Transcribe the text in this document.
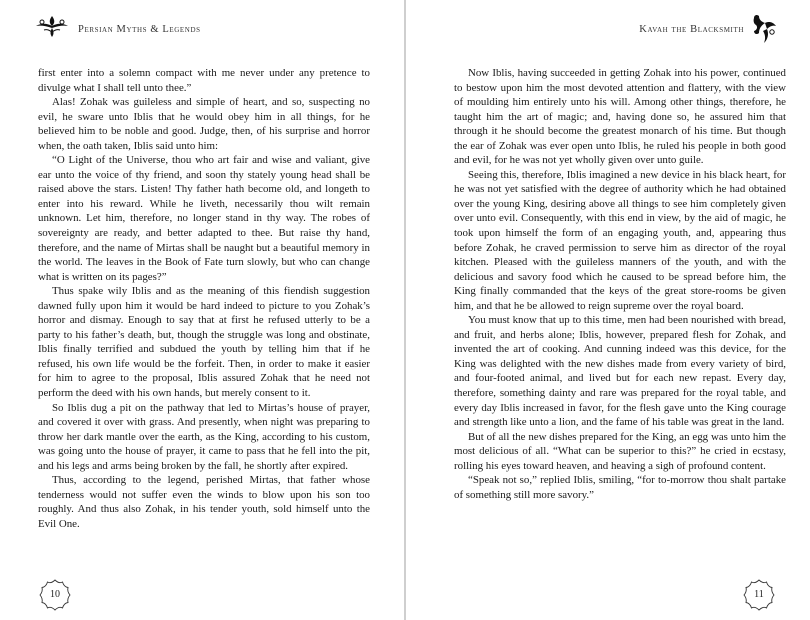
Persian Myths & Legends

first enter into a solemn compact with me never under any pretence to divulge what I shall tell unto thee.”

Alas! Zohak was guileless and simple of heart, and so, suspecting no evil, he sware unto Iblis that he would obey him in all things, for he believed him to be noble and good. Judge, then, of his surprise and horror when, the oath taken, Iblis said unto him:

“O Light of the Universe, thou who art fair and wise and valiant, give ear unto the voice of thy friend, and soon thy stately young head shall be raised above the stars. Listen! Thy father hath become old, and longeth to enter into his reward. While he liveth, necessarily thou wilt remain unknown. Let him, therefore, no longer stand in thy way. The robes of sovereignty are ready, and better adapted to thee. But raise thy hand, therefore, and the name of Mirtas shall be naught but a beautiful memory in the world. The leaves in the Book of Fate turn slowly, but who can change what is written on its pages?”

Thus spake wily Iblis and as the meaning of this fiendish suggestion dawned fully upon him it would be hard indeed to picture to you Zohak’s horror and dismay. Enough to say that at first he refused utterly to be a party to his father’s death, but, though the struggle was long and obstinate, Iblis finally terrified and subdued the youth by telling him that if he refused, his own life would be the forfeit. Then, in order to make it easier for him to agree to the proposal, Iblis assured Zohak that he need not perform the deed with his own hands, but merely consent to it.

So Iblis dug a pit on the pathway that led to Mirtas’s house of prayer, and covered it over with grass. And presently, when night was preparing to throw her dark mantle over the earth, as the King, according to his custom, was going unto the house of prayer, it came to pass that he fell into the pit, and his legs and arms being broken by the fall, he shortly after expired.

Thus, according to the legend, perished Mirtas, that father whose tenderness would not suffer even the winds to blow upon his son too roughly. And thus also Zohak, in his tender youth, sold himself unto the Evil One.

10
Kavah the Blacksmith

Now Iblis, having succeeded in getting Zohak into his power, continued to bestow upon him the most devoted attention and flattery, with the view of moulding him entirely unto his will. Among other things, therefore, he taught him the art of magic; and, having done so, he assured him that through it he should become the greatest monarch of his time. But though the ear of Zohak was ever open unto Iblis, he ruled his people in both good and evil, for he was not yet wholly given over unto guile.

Seeing this, therefore, Iblis imagined a new device in his black heart, for he was not yet satisfied with the degree of authority which he had obtained over the young King, desiring above all things to see him completely given over unto evil. Consequently, with this end in view, by the aid of magic, he took upon himself the form of an engaging youth, and, appearing thus before Zohak, he craved permission to serve him as director of the royal kitchen. Pleased with the guileless manners of the youth, and with the delicious and savory food which he caused to be spread before him, the King finally commanded that the keys of the great store-rooms be given him, and that he be allowed to reign supreme over the royal board.

You must know that up to this time, men had been nourished with bread, and fruit, and herbs alone; Iblis, however, prepared flesh for Zohak, and invented the art of cooking. And cunning indeed was this device, for the King was delighted with the new dishes made from every variety of bird, and four-footed animal, and lived but for each new repast. Every day, therefore, something dainty and rare was prepared for the royal table, and every day Iblis increased in favor, for the flesh gave unto the King courage and strength like unto a lion, and the fame of his table was great in the land.

But of all the new dishes prepared for the King, an egg was unto him the most delicious of all. “What can be superior to this?” he cried in ecstasy, rolling his eyes toward heaven, and heaving a sigh of profound content.

“Speak not so,” replied Iblis, smiling, “for to-morrow thou shalt partake of something still more savory.”

11
